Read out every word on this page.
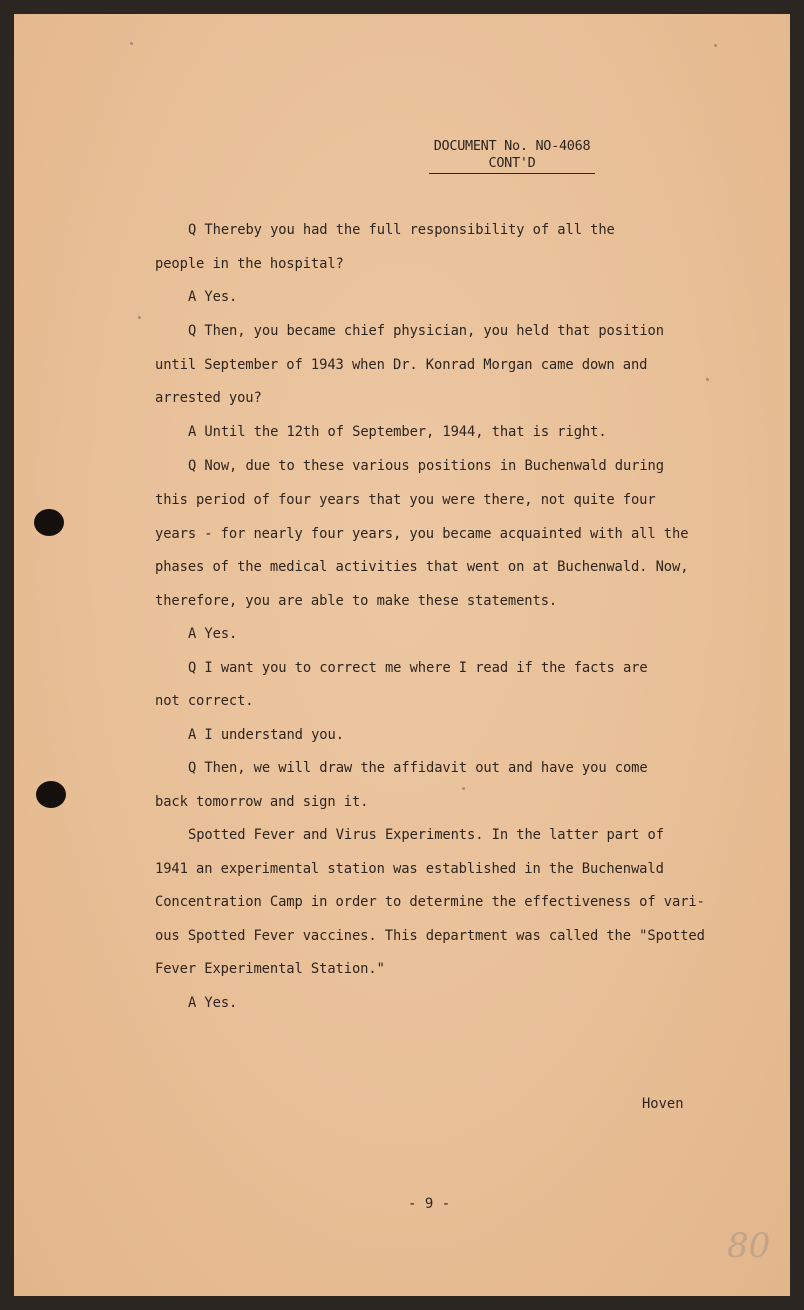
DOCUMENT No. NO-4068

CONT'D
Q Thereby you had the full responsibility of all the
people in the hospital?
A Yes.
Q Then, you became chief physician, you held that position
until September of 1943 when Dr. Konrad Morgan came down and
arrested you?
A Until the 12th of September, 1944, that is right.
Q Now, due to these various positions in Buchenwald during
this period of four years that you were there, not quite four
years - for nearly four years, you became acquainted with all the
phases of the medical activities that went on at Buchenwald. Now,
therefore, you are able to make these statements.
A Yes.
Q I want you to correct me where I read if the facts are
not correct.
A I understand you.
Q Then, we will draw the affidavit out and have you come
back tomorrow and sign it.
Spotted Fever and Virus Experiments. In the latter part of
1941 an experimental station was established in the Buchenwald
Concentration Camp in order to determine the effectiveness of vari-
ous Spotted Fever vaccines. This department was called the "Spotted
Fever Experimental Station."
A Yes.
Hoven
- 9 -
80
